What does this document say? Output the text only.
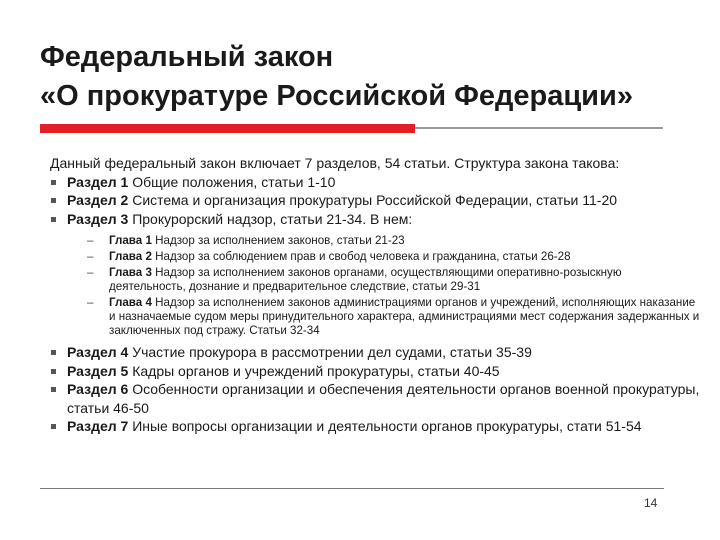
Федеральный закон
«О прокуратуре Российской Федерации»
Данный федеральный закон включает 7 разделов, 54 статьи. Структура закона такова:
Раздел 1 Общие положения, статьи 1-10
Раздел 2 Система и организация прокуратуры Российской Федерации, статьи 11-20
Раздел 3 Прокурорский надзор, статьи 21-34. В нем:
– Глава 1 Надзор за исполнением законов, статьи 21-23
– Глава 2 Надзор за соблюдением прав и свобод человека и гражданина, статьи 26-28
– Глава 3 Надзор за исполнением законов органами, осуществляющими оперативно-розыскную деятельность, дознание и предварительное следствие, статьи 29-31
– Глава 4 Надзор за исполнением законов администрациями органов и учреждений, исполняющих наказание и назначаемые судом меры принудительного характера, администрациями мест содержания задержанных и заключенных под стражу. Статьи 32-34
Раздел 4 Участие прокурора в рассмотрении дел судами, статьи 35-39
Раздел 5 Кадры органов и учреждений прокуратуры, статьи 40-45
Раздел 6 Особенности организации и обеспечения деятельности органов военной прокуратуры, статьи 46-50
Раздел 7 Иные вопросы организации и деятельности органов прокуратуры, стати 51-54
14
